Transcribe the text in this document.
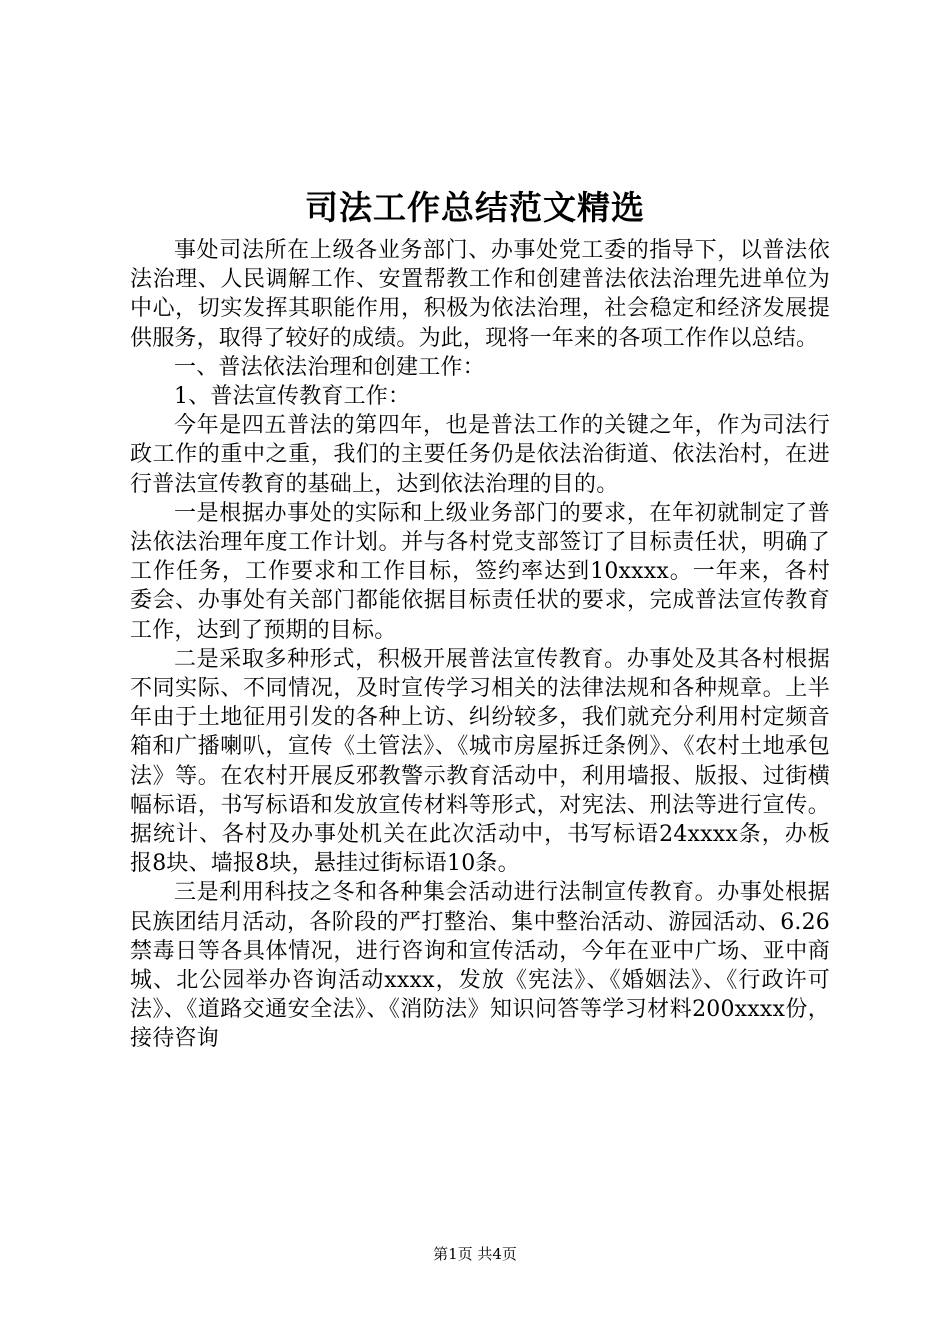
司法工作总结范文精选

事处司法所在上级各业务部门、办事处党工委的指导下，以普法依法治理、人民调解工作、安置帮教工作和创建普法依法治理先进单位为中心，切实发挥其职能作用，积极为依法治理，社会稳定和经济发展提供服务，取得了较好的成绩。为此，现将一年来的各项工作作以总结。

一、普法依法治理和创建工作：

1、普法宣传教育工作：

今年是四五普法的第四年，也是普法工作的关键之年，作为司法行政工作的重中之重，我们的主要任务仍是依法治街道、依法治村，在进行普法宣传教育的基础上，达到依法治理的目的。

一是根据办事处的实际和上级业务部门的要求，在年初就制定了普法依法治理年度工作计划。并与各村党支部签订了目标责任状，明确了工作任务，工作要求和工作目标，签约率达到10xxxx。一年来，各村委会、办事处有关部门都能依据目标责任状的要求，完成普法宣传教育工作，达到了预期的目标。

二是采取多种形式，积极开展普法宣传教育。办事处及其各村根据不同实际、不同情况，及时宣传学习相关的法律法规和各种规章。上半年由于土地征用引发的各种上访、纠纷较多，我们就充分利用村定频音箱和广播喇叭，宣传《土管法》、《城市房屋拆迁条例》、《农村土地承包法》等。在农村开展反邪教警示教育活动中，利用墙报、版报、过街横幅标语，书写标语和发放宣传材料等形式，对宪法、刑法等进行宣传。据统计、各村及办事处机关在此次活动中，书写标语24xxxx条，办板报8块、墙报8块，悬挂过街标语10条。

三是利用科技之冬和各种集会活动进行法制宣传教育。办事处根据民族团结月活动，各阶段的严打整治、集中整治活动、游园活动、6.26禁毒日等各具体情况，进行咨询和宣传活动，今年在亚中广场、亚中商城、北公园举办咨询活动xxxx，发放《宪法》、《婚姻法》、《行政许可法》、《道路交通安全法》、《消防法》知识问答等学习材料200xxxx份，接待咨询

第1页 共4页
